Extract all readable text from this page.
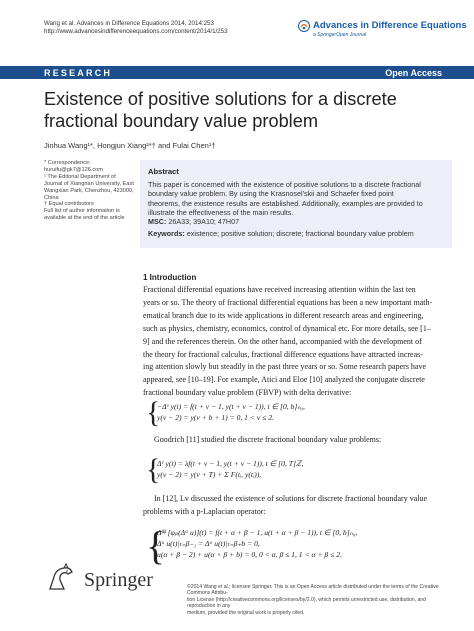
Wang et al. Advances in Difference Equations 2014, 2014:253
http://www.advancesindifferenceequations.com/content/2014/1/253
Advances in Difference Equations
a SpringerOpen Journal
RESEARCH	Open Access
Existence of positive solutions for a discrete
fractional boundary value problem
Jinhua Wang¹*, Hongjun Xiang²*† and Fulai Chen¹†
* Correspondence:
huruifu@gk7@126.com
¹ The Editorial Department of
Journal of Xiangnan University, East
Wangxian Park, Chenzhou, 423000,
China
† Equal contributors
Full list of author information is
available at the end of the article
Abstract
This paper is concerned with the existence of positive solutions to a discrete fractional
boundary value problem. By using the Krasnosel'skii and Schaefer fixed point
theorems, the existence results are established. Additionally, examples are provided to
illustrate the effectiveness of the main results.
MSC: 26A33; 39A10; 47H07
Keywords: existence; positive solution; discrete; fractional boundary value problem
1 Introduction
Fractional differential equations have received increasing attention within the last ten
years or so. The theory of fractional differential equations has been a new important math-
ematical branch due to its wide applications in different research areas and engineering,
such as physics, chemistry, economics, control of dynamical etc. For more details, see [1–
9] and the references therein. On the other hand, accompanied with the development of
the theory for fractional calculus, fractional difference equations have attracted increas-
ing attention slowly but steadily in the past three years or so. Some research papers have
appeared, see [10–19]. For example, Atici and Eloe [10] analyzed the conjugate discrete
fractional boundary value problem (FBVP) with delta derivative:
{
−Δᵛ y(t) = f(t + ν − 1, y(t + ν − 1)), t ∈ [0, b]ₙ₀,
y(ν − 2) = y(ν + b + 1) = 0, 1 < ν ≤ 2.
Goodrich [11] studied the discrete fractional boundary value problems:
{
Δᵛ y(t) = λf(t + ν − 1, y(t + ν − 1)), t ∈ [0, T]ℤ,
y(ν − 2) = y(ν + T) + Σ F(tᵢ, y(tᵢ)),
In [12], Lv discussed the existence of solutions for discrete fractional boundary value
problems with a p-Laplacian operator:
{
Δᵝᵝ [φₚ(Δᵅ u)](t) = f(t + α + β − 1, u(t + α + β − 1)), t ∈ [0, b]ₙ₀,
Δᵅ u(t)|ₜ₌β₋₁ = Δᵅ u(t)|ₜ₌β₊b = 0,
u(α + β − 2) + u(α + β + b) = 0, 0 < α, β ≤ 1, 1 < α + β ≤ 2.
Springer	©2014 Wang et al.; licensee Springer. This is an Open Access article distributed under the terms of the Creative Commons Attribu-
tion License (http://creativecommons.org/licenses/by/2.0), which permits unrestricted use, distribution, and reproduction in any
medium, provided the original work is properly cited.
